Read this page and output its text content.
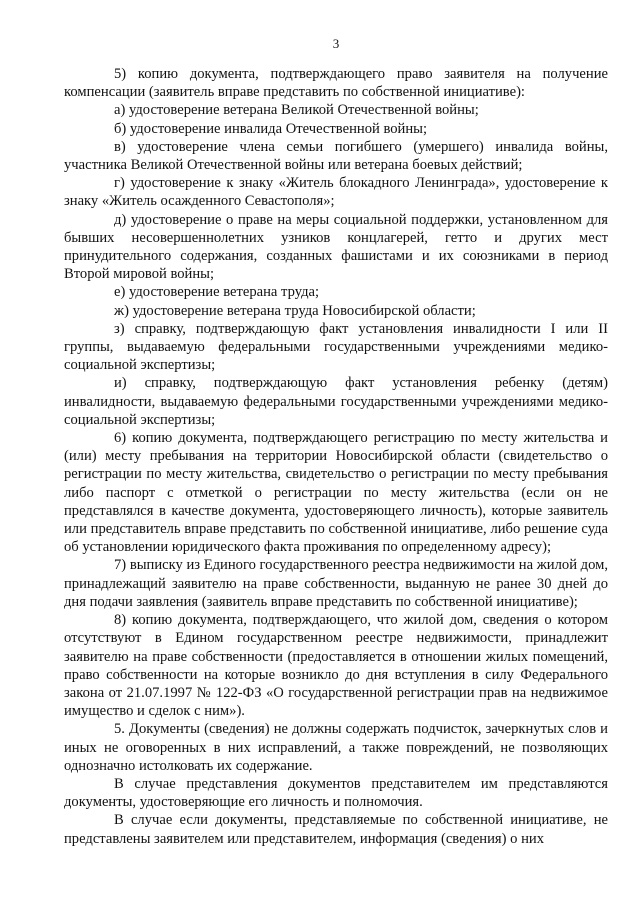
3

5) копию документа, подтверждающего право заявителя на получение компенсации (заявитель вправе представить по собственной инициативе):

а) удостоверение ветерана Великой Отечественной войны;

б) удостоверение инвалида Отечественной войны;

в) удостоверение члена семьи погибшего (умершего) инвалида войны, участника Великой Отечественной войны или ветерана боевых действий;

г) удостоверение к знаку «Житель блокадного Ленинграда», удостоверение к знаку «Житель осажденного Севастополя»;

д) удостоверение о праве на меры социальной поддержки, установленном для бывших несовершеннолетних узников концлагерей, гетто и других мест принудительного содержания, созданных фашистами и их союзниками в период Второй мировой войны;

е) удостоверение ветерана труда;

ж) удостоверение ветерана труда Новосибирской области;

з) справку, подтверждающую факт установления инвалидности I или II группы, выдаваемую федеральными государственными учреждениями медико-социальной экспертизы;

и) справку, подтверждающую факт установления ребенку (детям) инвалидности, выдаваемую федеральными государственными учреждениями медико-социальной экспертизы;

6) копию документа, подтверждающего регистрацию по месту жительства и (или) месту пребывания на территории Новосибирской области (свидетельство о регистрации по месту жительства, свидетельство о регистрации по месту пребывания либо паспорт с отметкой о регистрации по месту жительства (если он не представлялся в качестве документа, удостоверяющего личность), которые заявитель или представитель вправе представить по собственной инициативе, либо решение суда об установлении юридического факта проживания по определенному адресу);

7) выписку из Единого государственного реестра недвижимости на жилой дом, принадлежащий заявителю на праве собственности, выданную не ранее 30 дней до дня подачи заявления (заявитель вправе представить по собственной инициативе);

8) копию документа, подтверждающего, что жилой дом, сведения о котором отсутствуют в Едином государственном реестре недвижимости, принадлежит заявителю на праве собственности (предоставляется в отношении жилых помещений, право собственности на которые возникло до дня вступления в силу Федерального закона от 21.07.1997 № 122-ФЗ «О государственной регистрации прав на недвижимое имущество и сделок с ним»).

5. Документы (сведения) не должны содержать подчисток, зачеркнутых слов и иных не оговоренных в них исправлений, а также повреждений, не позволяющих однозначно истолковать их содержание.

В случае представления документов представителем им представляются документы, удостоверяющие его личность и полномочия.

В случае если документы, представляемые по собственной инициативе, не представлены заявителем или представителем, информация (сведения) о них
